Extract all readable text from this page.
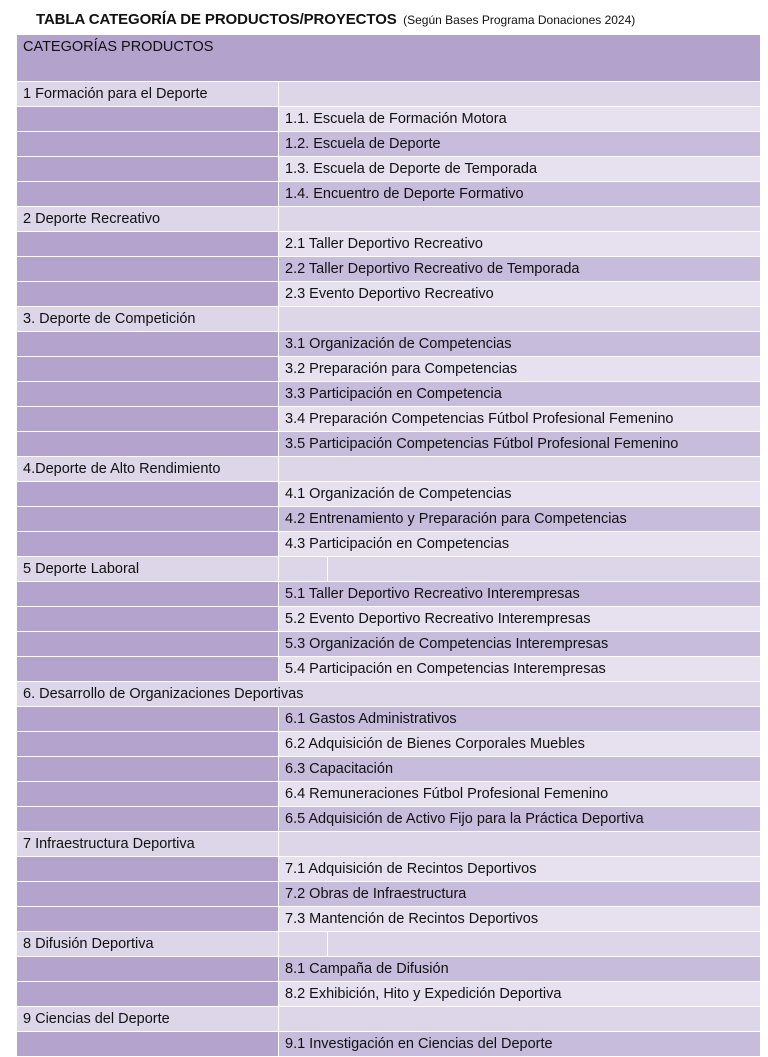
TABLA CATEGORÍA DE PRODUCTOS/PROYECTOS (Según Bases Programa Donaciones 2024)
CATEGORÍAS PRODUCTOS	
1 Formación para el Deporte	
	1.1. Escuela de Formación Motora
	1.2. Escuela de Deporte
	1.3. Escuela de Deporte de Temporada
	1.4. Encuentro de Deporte Formativo
2 Deporte Recreativo	
	2.1 Taller Deportivo Recreativo
	2.2 Taller Deportivo Recreativo de Temporada
	2.3 Evento Deportivo Recreativo
3. Deporte de Competición	
	3.1 Organización de Competencias
	3.2 Preparación para Competencias
	3.3 Participación en Competencia
	3.4 Preparación Competencias Fútbol Profesional Femenino
	3.5 Participación Competencias Fútbol Profesional Femenino
4.Deporte de Alto Rendimiento	
	4.1 Organización de Competencias
	4.2 Entrenamiento y Preparación para Competencias
	4.3 Participación en Competencias
5 Deporte Laboral	
	5.1 Taller Deportivo Recreativo Interempresas
	5.2 Evento Deportivo Recreativo Interempresas
	5.3 Organización de Competencias Interempresas
	5.4 Participación en Competencias Interempresas
6. Desarrollo de Organizaciones Deportivas	
	6.1 Gastos Administrativos
	6.2 Adquisición de Bienes Corporales Muebles
	6.3 Capacitación
	6.4 Remuneraciones Fútbol Profesional Femenino
	6.5 Adquisición de Activo Fijo para la Práctica Deportiva
7 Infraestructura Deportiva	
	7.1 Adquisición de Recintos Deportivos
	7.2 Obras de Infraestructura
	7.3 Mantención de Recintos Deportivos
8 Difusión Deportiva	
	8.1 Campaña de Difusión
	8.2 Exhibición, Hito y Expedición Deportiva
9 Ciencias del Deporte	
	9.1 Investigación en Ciencias del Deporte
